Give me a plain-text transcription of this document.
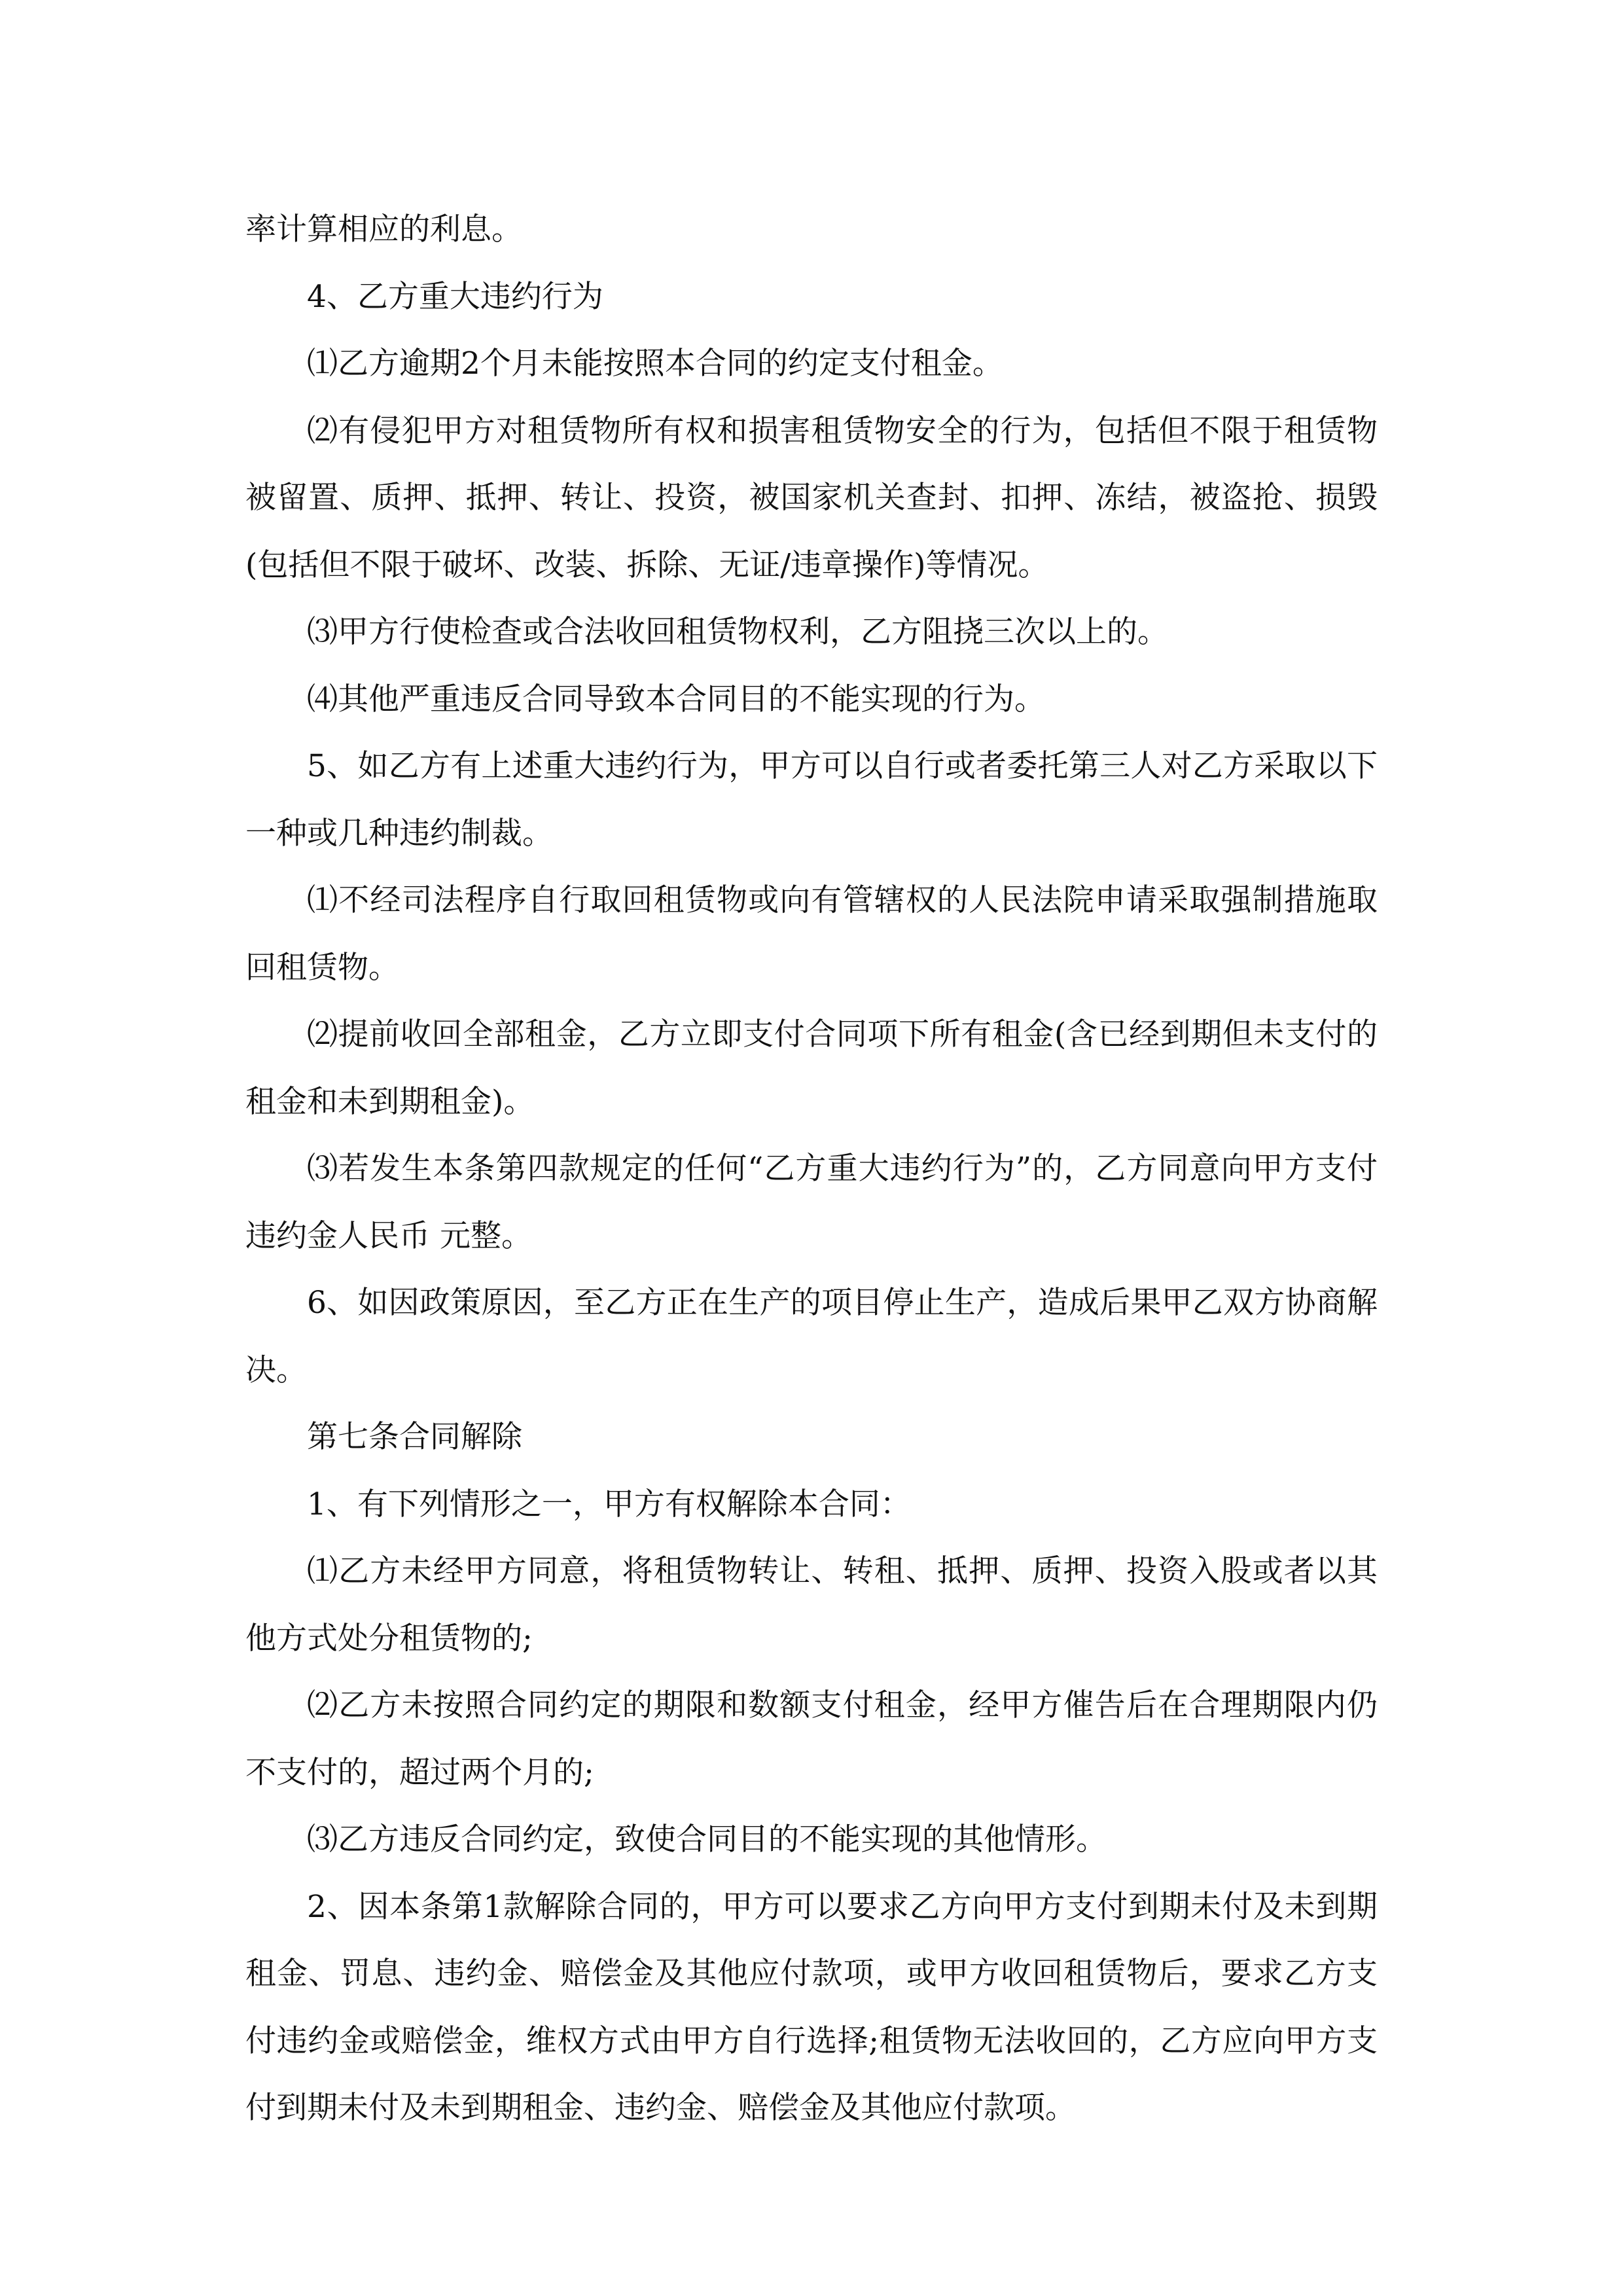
率计算相应的利息。

4、乙方重大违约行为

⑴乙方逾期2个月未能按照本合同的约定支付租金。

⑵有侵犯甲方对租赁物所有权和损害租赁物安全的行为，包括但不限于租赁物被留置、质押、抵押、转让、投资，被国家机关查封、扣押、冻结，被盗抢、损毁(包括但不限于破坏、改装、拆除、无证/违章操作)等情况。

⑶甲方行使检查或合法收回租赁物权利，乙方阻挠三次以上的。

⑷其他严重违反合同导致本合同目的不能实现的行为。

5、如乙方有上述重大违约行为，甲方可以自行或者委托第三人对乙方采取以下一种或几种违约制裁。

⑴不经司法程序自行取回租赁物或向有管辖权的人民法院申请采取强制措施取回租赁物。

⑵提前收回全部租金，乙方立即支付合同项下所有租金(含已经到期但未支付的租金和未到期租金)。

⑶若发生本条第四款规定的任何“乙方重大违约行为”的，乙方同意向甲方支付违约金人民币 元整。

6、如因政策原因，至乙方正在生产的项目停止生产，造成后果甲乙双方协商解决。

第七条合同解除

1、有下列情形之一，甲方有权解除本合同：

⑴乙方未经甲方同意，将租赁物转让、转租、抵押、质押、投资入股或者以其他方式处分租赁物的;

⑵乙方未按照合同约定的期限和数额支付租金，经甲方催告后在合理期限内仍不支付的，超过两个月的;

⑶乙方违反合同约定，致使合同目的不能实现的其他情形。

2、因本条第1款解除合同的，甲方可以要求乙方向甲方支付到期未付及未到期租金、罚息、违约金、赔偿金及其他应付款项，或甲方收回租赁物后，要求乙方支付违约金或赔偿金，维权方式由甲方自行选择;租赁物无法收回的，乙方应向甲方支付到期未付及未到期租金、违约金、赔偿金及其他应付款项。
